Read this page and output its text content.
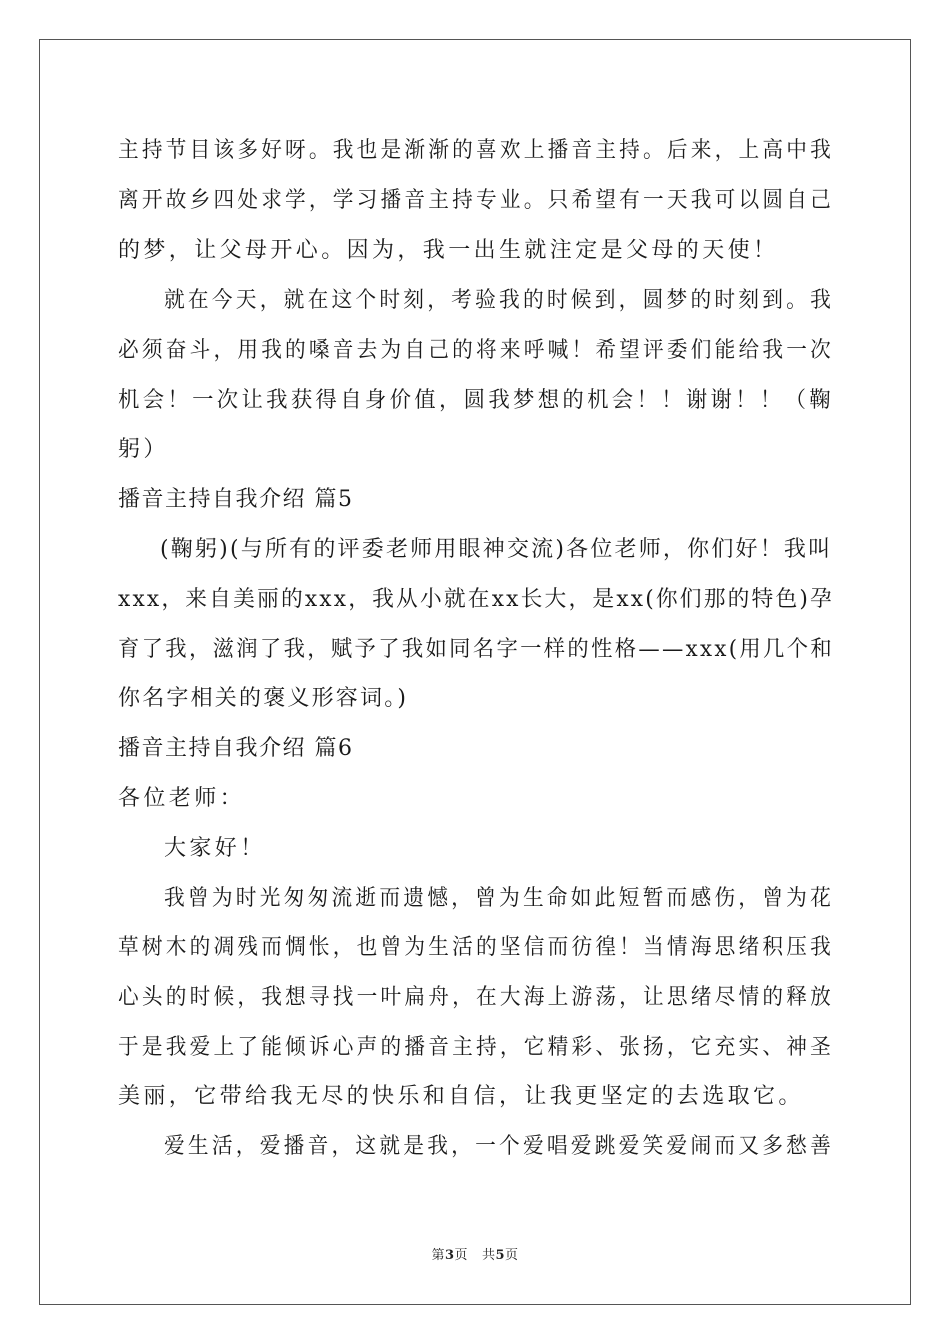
主持节目该多好呀。我也是渐渐的喜欢上播音主持。后来，上高中我
离开故乡四处求学，学习播音主持专业。只希望有一天我可以圆自己
的梦，让父母开心。因为，我一出生就注定是父母的天使！
就在今天，就在这个时刻，考验我的时候到，圆梦的时刻到。我
必须奋斗，用我的嗓音去为自己的将来呼喊！希望评委们能给我一次
机会！一次让我获得自身价值，圆我梦想的机会！！谢谢！！（鞠
躬）
播音主持自我介绍 篇5
(鞠躬)(与所有的评委老师用眼神交流)各位老师，你们好！我叫
xxx，来自美丽的xxx，我从小就在xx长大，是xx(你们那的特色)孕
育了我，滋润了我，赋予了我如同名字一样的性格——xxx(用几个和
你名字相关的褒义形容词。)
播音主持自我介绍 篇6
各位老师：
大家好！
我曾为时光匆匆流逝而遗憾，曾为生命如此短暂而感伤，曾为花
草树木的凋残而惆怅，也曾为生活的坚信而彷徨！当情海思绪积压我
心头的时候，我想寻找一叶扁舟，在大海上游荡，让思绪尽情的释放
于是我爱上了能倾诉心声的播音主持，它精彩、张扬，它充实、神圣
美丽，它带给我无尽的快乐和自信，让我更坚定的去选取它。
爱生活，爱播音，这就是我，一个爱唱爱跳爱笑爱闹而又多愁善
第3页   共5页
